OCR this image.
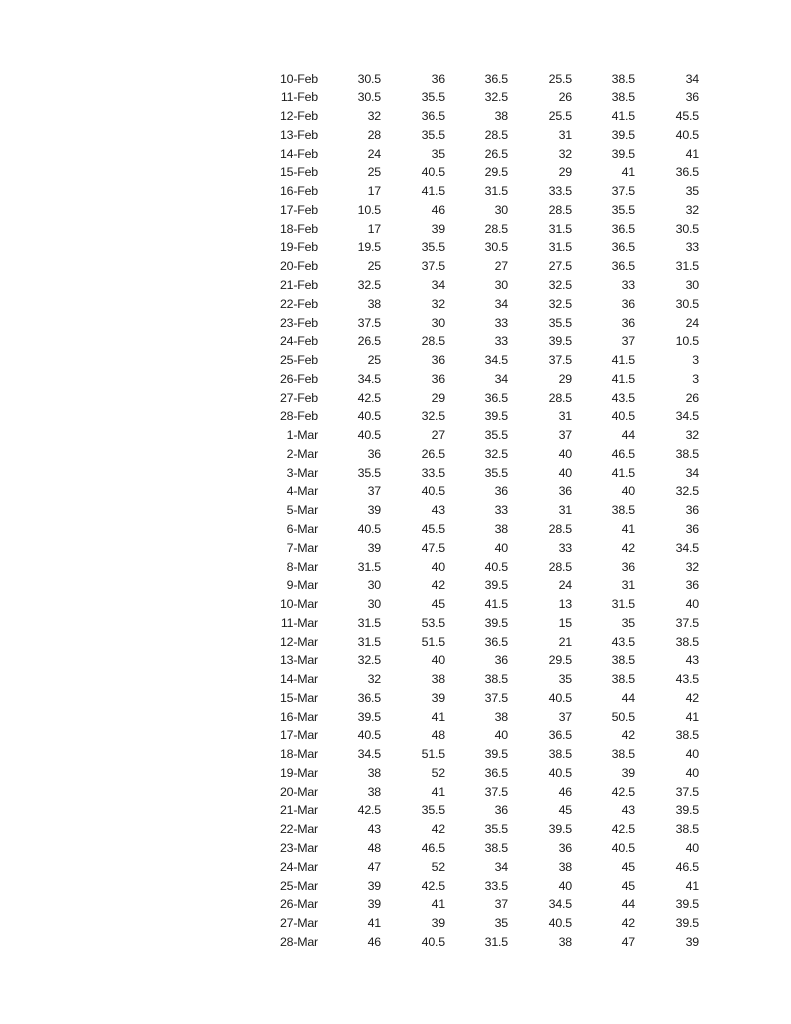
10-Feb	30.5	36	36.5	25.5	38.5	34
11-Feb	30.5	35.5	32.5	26	38.5	36
12-Feb	32	36.5	38	25.5	41.5	45.5
13-Feb	28	35.5	28.5	31	39.5	40.5
14-Feb	24	35	26.5	32	39.5	41
15-Feb	25	40.5	29.5	29	41	36.5
16-Feb	17	41.5	31.5	33.5	37.5	35
17-Feb	10.5	46	30	28.5	35.5	32
18-Feb	17	39	28.5	31.5	36.5	30.5
19-Feb	19.5	35.5	30.5	31.5	36.5	33
20-Feb	25	37.5	27	27.5	36.5	31.5
21-Feb	32.5	34	30	32.5	33	30
22-Feb	38	32	34	32.5	36	30.5
23-Feb	37.5	30	33	35.5	36	24
24-Feb	26.5	28.5	33	39.5	37	10.5
25-Feb	25	36	34.5	37.5	41.5	3
26-Feb	34.5	36	34	29	41.5	3
27-Feb	42.5	29	36.5	28.5	43.5	26
28-Feb	40.5	32.5	39.5	31	40.5	34.5
1-Mar	40.5	27	35.5	37	44	32
2-Mar	36	26.5	32.5	40	46.5	38.5
3-Mar	35.5	33.5	35.5	40	41.5	34
4-Mar	37	40.5	36	36	40	32.5
5-Mar	39	43	33	31	38.5	36
6-Mar	40.5	45.5	38	28.5	41	36
7-Mar	39	47.5	40	33	42	34.5
8-Mar	31.5	40	40.5	28.5	36	32
9-Mar	30	42	39.5	24	31	36
10-Mar	30	45	41.5	13	31.5	40
11-Mar	31.5	53.5	39.5	15	35	37.5
12-Mar	31.5	51.5	36.5	21	43.5	38.5
13-Mar	32.5	40	36	29.5	38.5	43
14-Mar	32	38	38.5	35	38.5	43.5
15-Mar	36.5	39	37.5	40.5	44	42
16-Mar	39.5	41	38	37	50.5	41
17-Mar	40.5	48	40	36.5	42	38.5
18-Mar	34.5	51.5	39.5	38.5	38.5	40
19-Mar	38	52	36.5	40.5	39	40
20-Mar	38	41	37.5	46	42.5	37.5
21-Mar	42.5	35.5	36	45	43	39.5
22-Mar	43	42	35.5	39.5	42.5	38.5
23-Mar	48	46.5	38.5	36	40.5	40
24-Mar	47	52	34	38	45	46.5
25-Mar	39	42.5	33.5	40	45	41
26-Mar	39	41	37	34.5	44	39.5
27-Mar	41	39	35	40.5	42	39.5
28-Mar	46	40.5	31.5	38	47	39
